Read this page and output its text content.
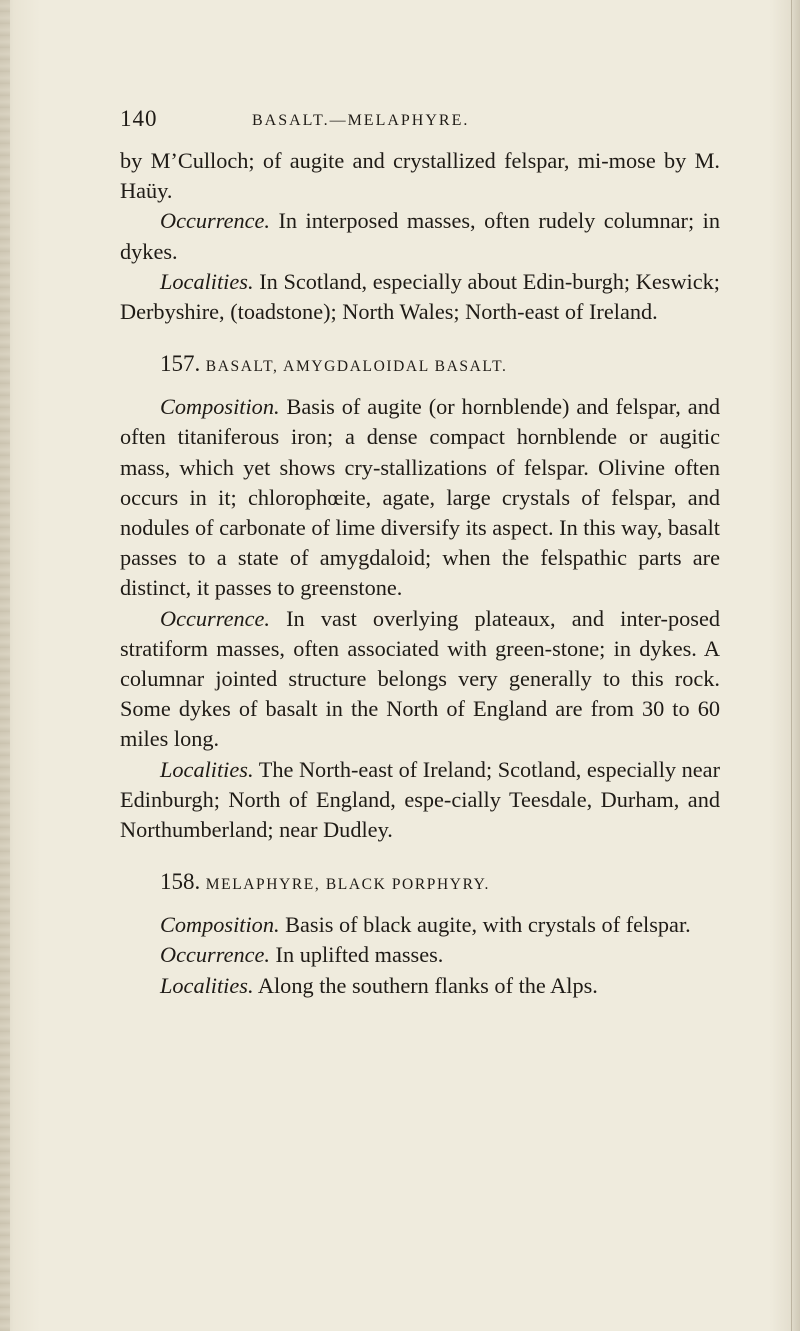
140	BASALT.—MELAPHYRE.

by M’Culloch; of augite and crystallized felspar, mi-mose by M. Haüy.

Occurrence. In interposed masses, often rudely columnar; in dykes.

Localities. In Scotland, especially about Edin-burgh; Keswick; Derbyshire, (toadstone); North Wales; North-east of Ireland.

157. BASALT, AMYGDALOIDAL BASALT.

Composition. Basis of augite (or hornblende) and felspar, and often titaniferous iron; a dense compact hornblende or augitic mass, which yet shows cry-stallizations of felspar. Olivine often occurs in it; chlorophœite, agate, large crystals of felspar, and nodules of carbonate of lime diversify its aspect. In this way, basalt passes to a state of amygdaloid; when the felspathic parts are distinct, it passes to greenstone.

Occurrence. In vast overlying plateaux, and inter-posed stratiform masses, often associated with green-stone; in dykes. A columnar jointed structure belongs very generally to this rock. Some dykes of basalt in the North of England are from 30 to 60 miles long.

Localities. The North-east of Ireland; Scotland, especially near Edinburgh; North of England, espe-cially Teesdale, Durham, and Northumberland; near Dudley.

158. MELAPHYRE, BLACK PORPHYRY.

Composition. Basis of black augite, with crystals of felspar.

Occurrence. In uplifted masses.

Localities. Along the southern flanks of the Alps.
